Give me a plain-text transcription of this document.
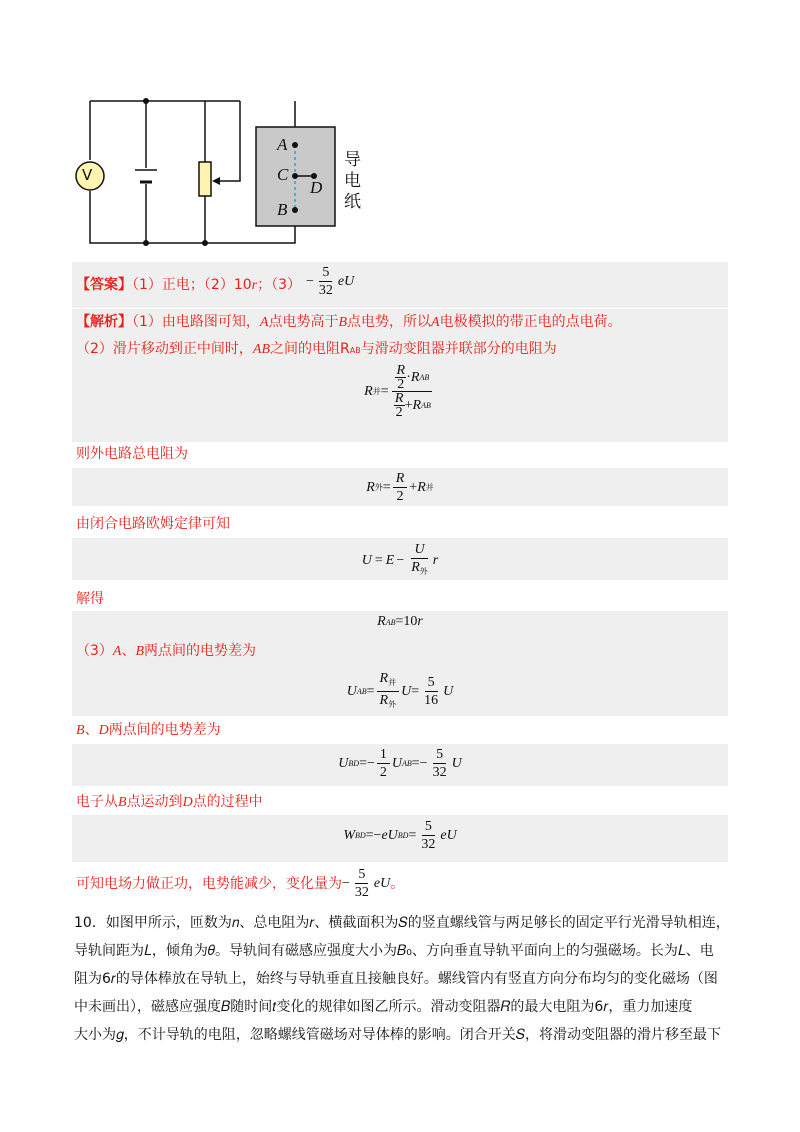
V
A
C
D
B
导
电
纸
【答案】（1）正电；（2）10r；$(3) - \frac{5}{32}$ eU
【解析】（1）由电路图可知，A点电势高于B点电势，所以A电极模拟的带正电的点电荷。
（2）滑片移动到正中间时，AB之间的电阻RAB与滑动变阻器并联部分的电阻为
R 并 = $\frac{\frac{R}{2} \cdot R AB}{\frac{R}{2} + R AB}$
则外电路总电阻为
R 外 = $\frac{R}{2} + R$ 并
由闭合电路欧姆定律可知
$U = E - \frac{U}{R_外}$ r
解得
R AB =10 r
（3）A、B两点间的电势差为
U AB = $\frac{R_并}{R_外}$ $U = \frac{5}{16}$ U
B、D两点间的电势差为
U BD =− $\frac{1}{2}$ U AB =− $\frac{5}{32}$ U
电子从B点运动到D点的过程中
W BD =− eU BD = $\frac{5}{32}$ eU
可知电场力做正功，电势能减少，变化量为 − $\frac{5}{32}$ eU 。
10．如图甲所示，匝数为𝑛、总电阻为𝑟、横截面积为𝑆的竖直螺线管与两足够长的固定平行光滑导轨相连，
导轨间距为𝐿，倾角为𝜃。导轨间有磁感应强度大小为𝐵₀、方向垂直导轨平面向上的匀强磁场。长为𝐿、电
阻为6𝑟的导体棒放在导轨上，始终与导轨垂直且接触良好。螺线管内有竖直方向分布均匀的变化磁场（图
中未画出），磁感应强度𝐵随时间𝑡变化的规律如图乙所示。滑动变阻器𝑅的最大电阻为6𝑟，重力加速度
大小为𝑔，不计导轨的电阻，忽略螺线管磁场对导体棒的影响。闭合开关𝑆，将滑动变阻器的滑片移至最下
